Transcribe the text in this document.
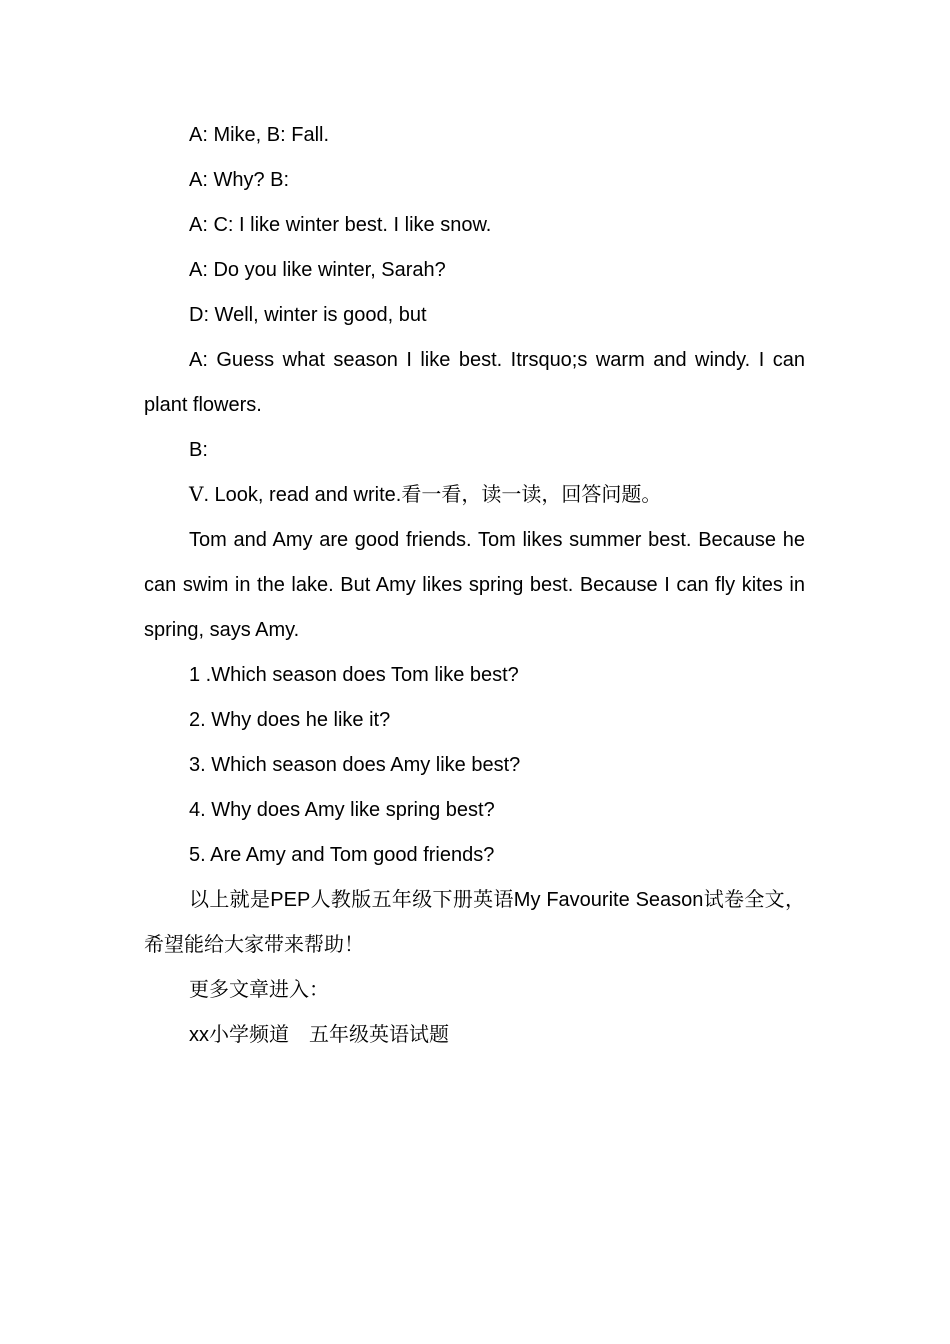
A: Mike, B: Fall.

A: Why? B:

A: C: I like winter best. I like snow.

A: Do you like winter, Sarah?

D: Well, winter is good, but

A: Guess what season I like best. Itrsquo;s warm and windy. I can plant flowers.

B:

Ⅴ. Look, read and write.看一看，读一读，回答问题。

Tom and Amy are good friends. Tom likes summer best. Because he can swim in the lake. But Amy likes spring best. Because I can fly kites in spring, says Amy.

1 .Which season does Tom like best?

2. Why does he like it?

3. Which season does Amy like best?

4. Why does Amy like spring best?

5. Are Amy and Tom good friends?

以上就是PEP人教版五年级下册英语My Favourite Season试卷全文，希望能给大家带来帮助！

更多文章进入：

xx小学频道　五年级英语试题
